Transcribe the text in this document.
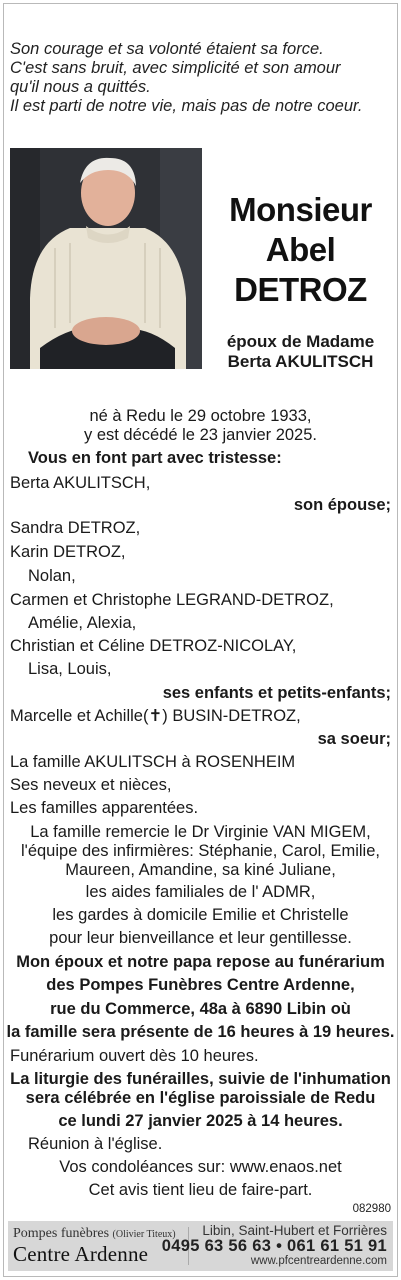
Son courage et sa volonté étaient sa force.
C'est sans bruit, avec simplicité et son amour
qu'il nous a quittés.
Il est parti de notre vie, mais pas de notre coeur.
Monsieur
Abel
DETROZ
époux de Madame
Berta AKULITSCH
né à Redu le 29 octobre 1933,
y est décédé le 23 janvier 2025.
Vous en font part avec tristesse:
Berta AKULITSCH,
son épouse;
Sandra DETROZ,
Karin DETROZ,
Nolan,
Carmen et Christophe LEGRAND-DETROZ,
Amélie, Alexia,
Christian et Céline DETROZ-NICOLAY,
Lisa, Louis,
ses enfants et petits-enfants;
Marcelle et Achille(✝) BUSIN-DETROZ,
sa soeur;
La famille AKULITSCH à ROSENHEIM
Ses neveux et nièces,
Les familles apparentées.
La famille remercie le Dr Virginie VAN MIGEM,
l'équipe des infirmières: Stéphanie, Carol, Emilie,
Maureen, Amandine, sa kiné Juliane,
les aides familiales de l' ADMR,
les gardes à domicile Emilie et Christelle
pour leur bienveillance et leur gentillesse.
Mon époux et notre papa repose au funérarium
des Pompes Funèbres Centre Ardenne,
rue du Commerce, 48a à 6890 Libin où
la famille sera présente de 16 heures à 19 heures.
Funérarium ouvert dès 10 heures.
La liturgie des funérailles, suivie de l'inhumation
sera célébrée en l'église paroissiale de Redu
ce lundi 27 janvier 2025 à 14 heures.
Réunion à l'église.
Vos condoléances sur: www.enaos.net
Cet avis tient lieu de faire-part.
082980
Pompes funèbres (Olivier Titeux)
Centre Ardenne
Libin, Saint-Hubert et Forrières
0495 63 56 63 • 061 61 51 91
www.pfcentreardenne.com
